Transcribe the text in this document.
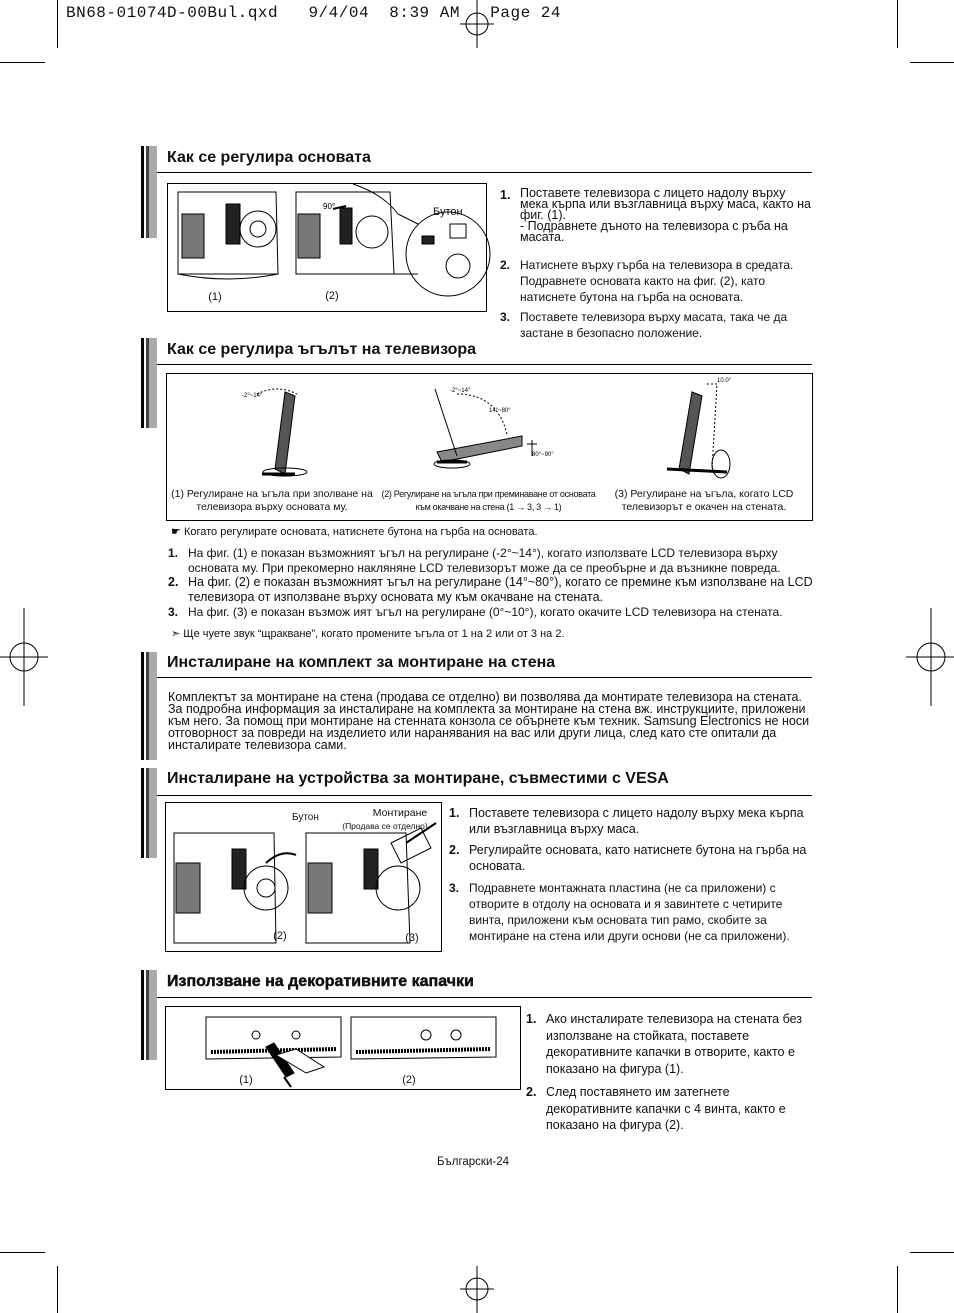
BN68-01074D-00Bul.qxd   9/4/04  8:39 AM   Page 24
Как се регулира основата
90°	Бутон
(1)	(2)
1. Поставете телевизора с лицето надолу върху мека кърпа или възглавница върху маса, както на фиг. (1).
- Подравнете дъното на телевизора с ръба на масата.
2. Натиснете върху гърба на телевизора в средата. Подравнете основата както на фиг. (2), като натиснете бутона на гърба на основата.
3. Поставете телевизора върху масата, така че да застане в безопасно положение.
Как се регулира ъгълът на телевизора
-2°~14°
-2°~14°
14°~80°
80°~90°
10.0°
(1) Регулиране на ъгъла при зполване на телевизора върху основата му.
(2) Регулиране на ъгъла при преминаване от основата към окачване на стена (1 → 3, 3 → 1)
(3) Регулиране на ъгъла, когато LCD телевизорът е окачен на стената.
☛ Когато регулирате основата, натиснете бутона на гърба на основата.
1. На фиг. (1) е показан възможният ъгъл на регулиране (-2°~14°), когато използвате LCD телевизора върху основата му. При прекомерно накляняне LCD телевизорът може да се преобърне и да възникне повреда.
2. На фиг. (2) е показан възможният ъгъл на регулиране (14°~80°), когато се премине към използване на LCD телевизора от използване върху основата му към окачване на стената.
3. На фиг. (3) е показан възмож ият ъгъл на регулиране (0°~10°), когато окачите LCD телевизора на стената.
➣ Ще чуете звук “щракване”, когато промените ъгъла от 1 на 2 или от 3 на 2.
Инсталиране на комплект за монтиране на стена
Комплектът за монтиране на стена (продава се отделно) ви позволява да монтирате телевизора на стената. За подробна информация за инсталиране на комплекта за монтиране на стена вж. инструкциите, приложени към него. За помощ при монтиране на стенната конзола се обърнете към техник. Samsung Electronics не носи отговорност за повреди на изделието или наранявания на вас или други лица, след като сте опитали да инсталирате телевизора сами.
Инсталиране на устройства за монтиране, съвместими с VESA
Бутон	Монтиране
(Продава се отделно)
(2)	(3)
1. Поставете телевизора с лицето надолу върху мека кърпа или възглавница върху маса.
2. Регулирайте основата, като натиснете бутона на гърба на основата.
3. Подравнете монтажната пластина (не са приложени) с отворите в отдолу на основата и я завинтете с четирите винта, приложени към основата тип рамо, скобите за монтиране на стена или други основи (не са приложени).
Използване на декоративните капачки
(1)	(2)
1. Ако инсталирате телевизора на стената без използване на стойката, поставете декоративните капачки в отворите, както е показано на фигура (1).
2. След поставянето им затегнете декоративните капачки с 4 винта, както е показано на фигура (2).
Български-24
